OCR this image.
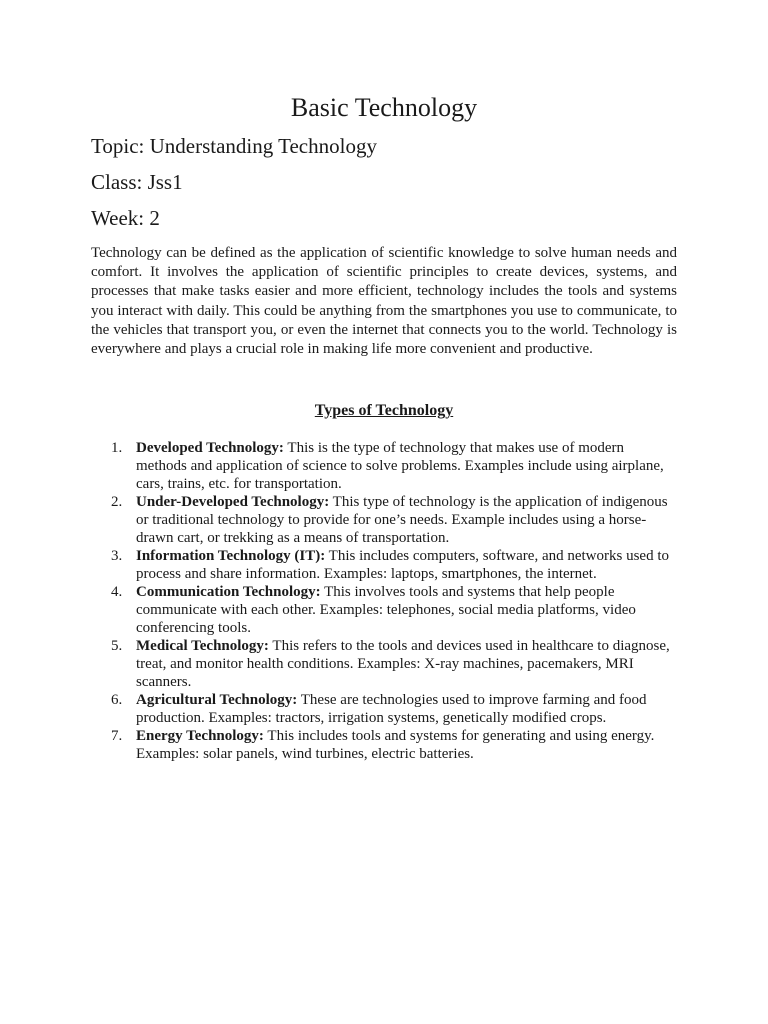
Basic Technology

Topic: Understanding Technology

Class: Jss1

Week: 2

Technology can be defined as the application of scientific knowledge to solve human needs and comfort. It involves the application of scientific principles to create devices, systems, and processes that make tasks easier and more efficient, technology includes the tools and systems you interact with daily. This could be anything from the smartphones you use to communicate, to the vehicles that transport you, or even the internet that connects you to the world. Technology is everywhere and plays a crucial role in making life more convenient and productive.

Types of Technology
1. Developed Technology: This is the type of technology that makes use of modern methods and application of science to solve problems. Examples include using airplane, cars, trains, etc. for transportation.
2. Under-Developed Technology: This type of technology is the application of indigenous or traditional technology to provide for one’s needs. Example includes using a horse-drawn cart, or trekking as a means of transportation.
3. Information Technology (IT): This includes computers, software, and networks used to process and share information. Examples: laptops, smartphones, the internet.
4. Communication Technology: This involves tools and systems that help people communicate with each other. Examples: telephones, social media platforms, video conferencing tools.
5. Medical Technology: This refers to the tools and devices used in healthcare to diagnose, treat, and monitor health conditions. Examples: X-ray machines, pacemakers, MRI scanners.
6. Agricultural Technology: These are technologies used to improve farming and food production. Examples: tractors, irrigation systems, genetically modified crops.
7. Energy Technology: This includes tools and systems for generating and using energy. Examples: solar panels, wind turbines, electric batteries.
